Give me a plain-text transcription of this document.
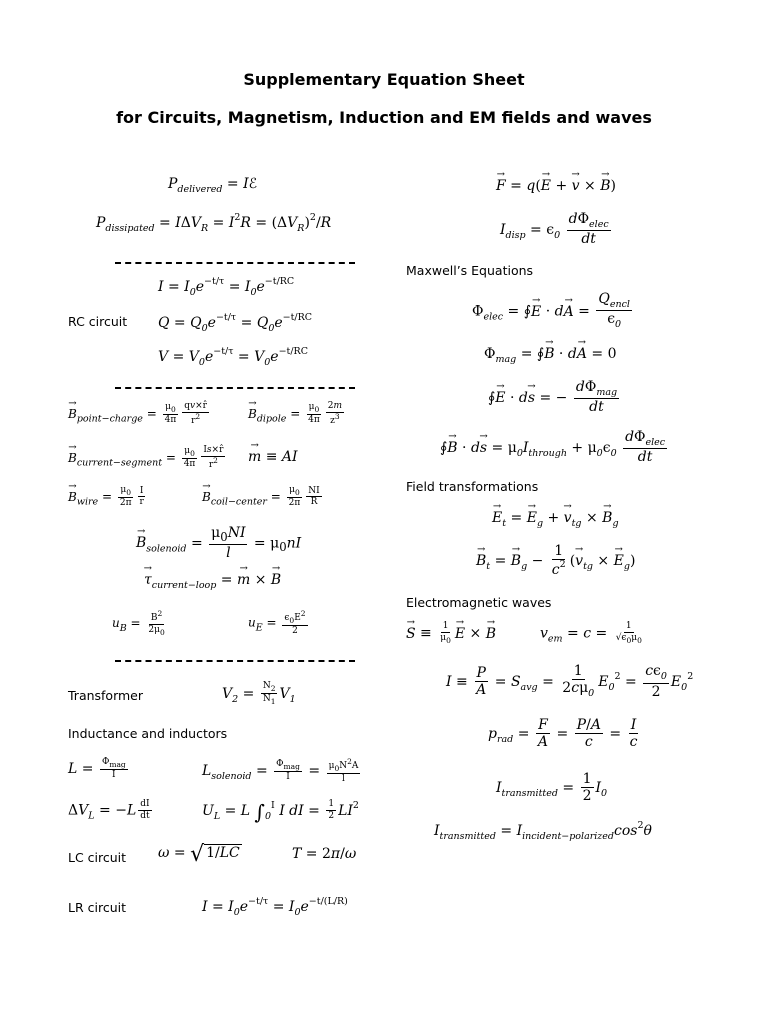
Supplementary Equation Sheet
for Circuits, Magnetism, Induction and EM fields and waves
$P_{delivered}$ = Iℰ
$P_{dissipated} = I\Delta V_R = I^2R = (\Delta V_R)^2/R$
$I = I_0e^{-t/\tau} = I_0e^{-t/RC}$
RC circuit $Q = Q_0e^{-t/\tau} = Q_0e^{-t/RC}$
$V = V_0e^{-t/\tau} = V_0e^{-t/RC}$
→ $B_{point-charge} = \frac{\mu_0}{4\pi} \frac{qv\times r̂}{r^2}$
→	$B_{dipole} = \frac{\mu_0}{4\pi} \frac{2m}{z^3}$
→ $B_{current-segment} = \frac{\mu_0}{4\pi} \frac{Is\times r̂}{r^2}$
→ m ≡ AI
→ $B_{wire} = \frac{\mu_0}{2\pi} \frac{I}{r}$
→	$B_{coil-center} = \frac{\mu_0}{2\pi} \frac{NI}{R}$
→ $B_{solenoid} = \frac{\mu_0NI}{l} = \mu_0nI$
→ $\tau_{current-loop}$ = → m × → B
$u_B = \frac{B^2}{2\mu_0}$	$u_E = \frac{\epsilon_0E^2}{2}$
Transformer	$V_2 = \frac{N_2}{N_1} V_1$
Inductance and inductors
$L = \frac{\Phi_{mag}}{I}$	$L_{solenoid} = \frac{\Phi_{mag}}{I} = \frac{\mu_0N^2A}{l}$
$\Delta V_L = -L \frac{dI}{dt}$	$U_L = L$ $\int_0^I$ I dI = $\frac{1}{2} LI^2$
LC circuit ω = √ 1/LC	T = 2π/ω
LR circuit	$I = I_0e^{-t/\tau} = I_0e^{-t/(L/R)}$
→ F = q(→ E + → v × → B)
$I_{disp} = \epsilon_0 \frac{d\Phi_{elec}}{dt}$
Maxwell’s Equations
$\Phi_{elec}$ = ∮→ $E \cdot d\to A = \frac{Q_{encl}}{\epsilon_0}$
$\Phi_{mag}$ = ∮→ B · d→ A = 0
∮→ E · d→ s = − $\frac{d\Phi_{mag}}{dt}$
∮→ $B \cdot d\to s = \mu_0I_{through} + \mu_0\epsilon_0 \frac{d\Phi_{elec}}{dt}$
Field transformations
→ $E_t$ = → $E_g$ + → $v_{tg}$ × → $B_g$
→ $B_t$ = → $B_g - \frac{1}{c^2}$ (→ $v_{tg}$ × → $E_g$)
Electromagnetic waves
→ $S \equiv \frac{1}{\mu_0}$
→ E × → B	$v_{em} = c = \frac{1}{√\epsilon_0\mu_0}$
$I \equiv \frac{P}{A} = S_{avg} = \frac{1}{2c\mu_0} E_0^2 = \frac{c\epsilon_0}{2} E_0^2$
$p_{rad} = \frac{F}{A} = \frac{P/A}{c} = \frac{I}{c}$
$I_{transmitted} = \frac{1}{2} I_0$
$I_{transmitted} = I_{incident-polarized}\cos^2\theta$
